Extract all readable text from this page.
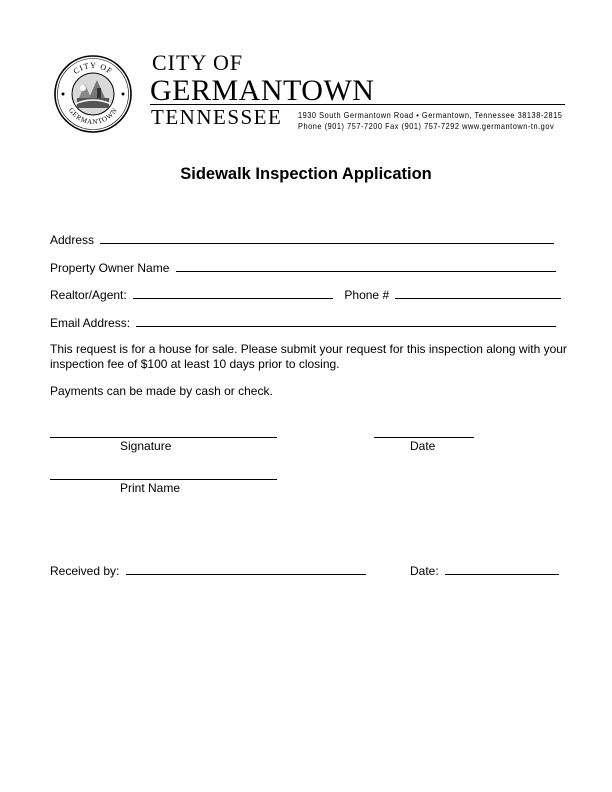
CITY OF
GERMANTOWN
CITY OF
GERMANTOWN
TENNESSEE 1930 South Germantown Road • Germantown, Tennessee 38138-2815
Phone (901) 757-7200 Fax (901) 757-7292 www.germantown-tn.gov
Sidewalk Inspection Application
Address
Property Owner Name
Realtor/Agent:	Phone #
Email Address:
This request is for a house for sale. Please submit your request for this inspection along with your inspection fee of $100 at least 10 days prior to closing.
Payments can be made by cash or check.
Signature	Date
Print Name
Received by:	Date:
